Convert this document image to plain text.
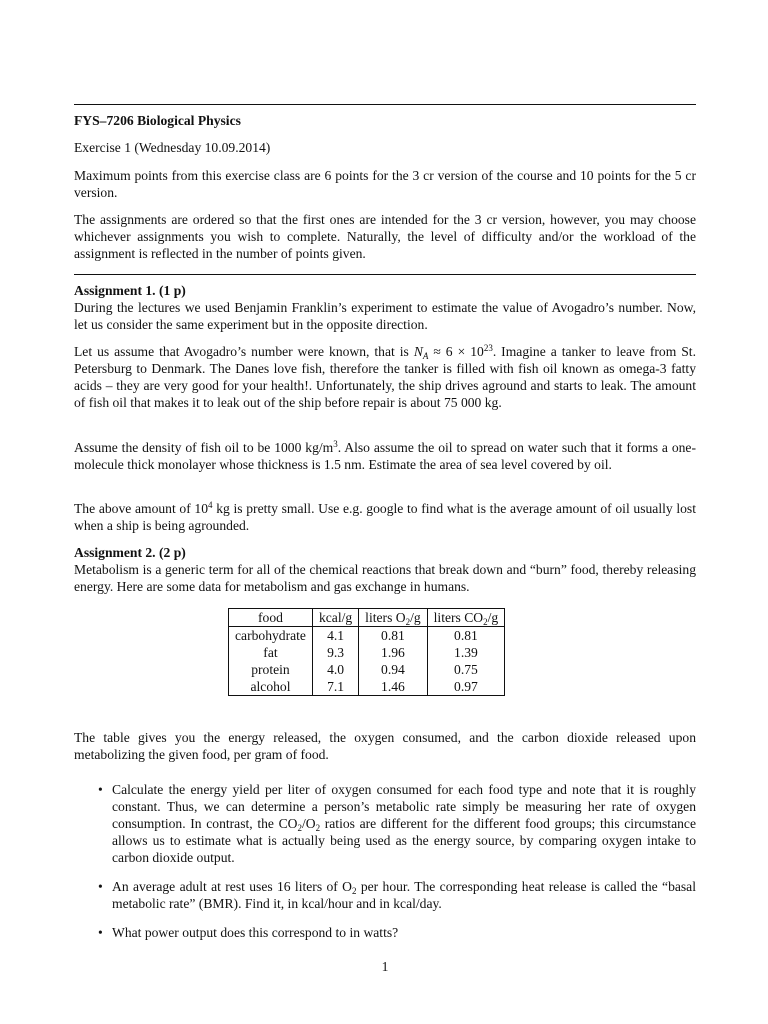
FYS–7206 Biological Physics
Exercise 1 (Wednesday 10.09.2014)
Maximum points from this exercise class are 6 points for the 3 cr version of the course and 10 points for the 5 cr version.
The assignments are ordered so that the first ones are intended for the 3 cr version, however, you may choose whichever assignments you wish to complete. Naturally, the level of difficulty and/or the workload of the assignment is reflected in the number of points given.

Assignment 1. (1 p)

During the lectures we used Benjamin Franklin’s experiment to estimate the value of Avogadro’s number. Now, let us consider the same experiment but in the opposite direction.

Let us assume that Avogadro’s number were known, that is $N_A \approx 6 \times 10^{23}$. Imagine a tanker to leave from St. Petersburg to Denmark. The Danes love fish, therefore the tanker is filled with fish oil known as omega-3 fatty acids – they are very good for your health!. Unfortunately, the ship drives aground and starts to leak. The amount of fish oil that makes it to leak out of the ship before repair is about 75 000 kg.
Assume the density of fish oil to be 1000 $kg/m^3$. Also assume the oil to spread on water such that it forms a one-molecule thick monolayer whose thickness is 1.5 nm. Estimate the area of sea level covered by oil.
The above amount of $10^4$ kg is pretty small. Use e.g. google to find what is the average amount of oil usually lost when a ship is being agrounded.

Assignment 2. (2 p)

Metabolism is a generic term for all of the chemical reactions that break down and “burn” food, thereby releasing energy. Here are some data for metabolism and gas exchange in humans.

food	kcal/g	liters $O_2/g$	liters $CO_2/g$
carbohydrate	4.1	0.81	0.81
fat	9.3	1.96	1.39
protein	4.0	0.94	0.75
alcohol	7.1	1.46	0.97
The table gives you the energy released, the oxygen consumed, and the carbon dioxide released upon metabolizing the given food, per gram of food.
• Calculate the energy yield per liter of oxygen consumed for each food type and note that it is roughly constant. Thus, we can determine a person’s metabolic rate simply be measuring her rate of oxygen consumption. In contrast, the $CO_2/O_2$ ratios are different for the different food groups; this circumstance allows us to estimate what is actually being used as the energy source, by comparing oxygen intake to carbon dioxide output.
• An average adult at rest uses 16 liters of $O_2$ per hour. The corresponding heat release is called the “basal metabolic rate” (BMR). Find it, in kcal/hour and in kcal/day.
• What power output does this correspond to in watts?
1
